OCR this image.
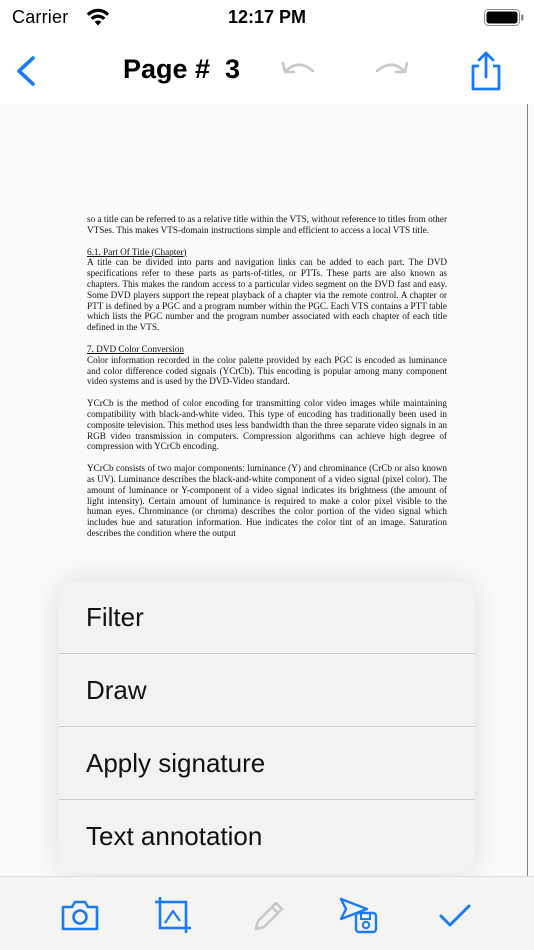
Carrier	12:17 PM
Page #  3

so a title can be referred to as a relative title within the VTS, without reference to titles from other VTSes. This makes VTS-domain instructions simple and efficient to access a local VTS title.

6.1. Part Of Title (Chapter)
A title can be divided into parts and navigation links can be added to each part. The DVD specifications refer to these parts as parts-of-titles, or PTTs. These parts are also known as chapters. This makes the random access to a particular video segment on the DVD fast and easy. Some DVD players support the repeat playback of a chapter via the remote control. A chapter or PTT is defined by a PGC and a program number within the PGC. Each VTS contains a PTT table which lists the PGC number and the program number associated with each chapter of each title defined in the VTS.

7. DVD Color Conversion
Color information recorded in the color palette provided by each PGC is encoded as luminance and color difference coded signals (YCrCb). This encoding is popular among many component video systems and is used by the DVD-Video standard.

YCrCb is the method of color encoding for transmitting color video images while maintaining compatibility with black-and-white video. This type of encoding has traditionally been used in composite television. This method uses less bandwidth than the three separate video signals in an RGB video transmission in computers. Compression algorithms can achieve high degree of compression with YCrCb encoding.

YCrCb consists of two major components: luminance (Y) and chrominance (CrCb or also known as UV). Luminance describes the black-and-white component of a video signal (pixel color). The amount of luminance or Y-component of a video signal indicates its brightness (the amount of light intensity). Certain amount of luminance is required to make a color pixel visible to the human eyes. Chrominance (or chroma) describes the color portion of the video signal which includes hue and saturation information. Hue indicates the color tint of an image. Saturation describes the condition where the output

Filter
Draw
Apply signature
Text annotation
